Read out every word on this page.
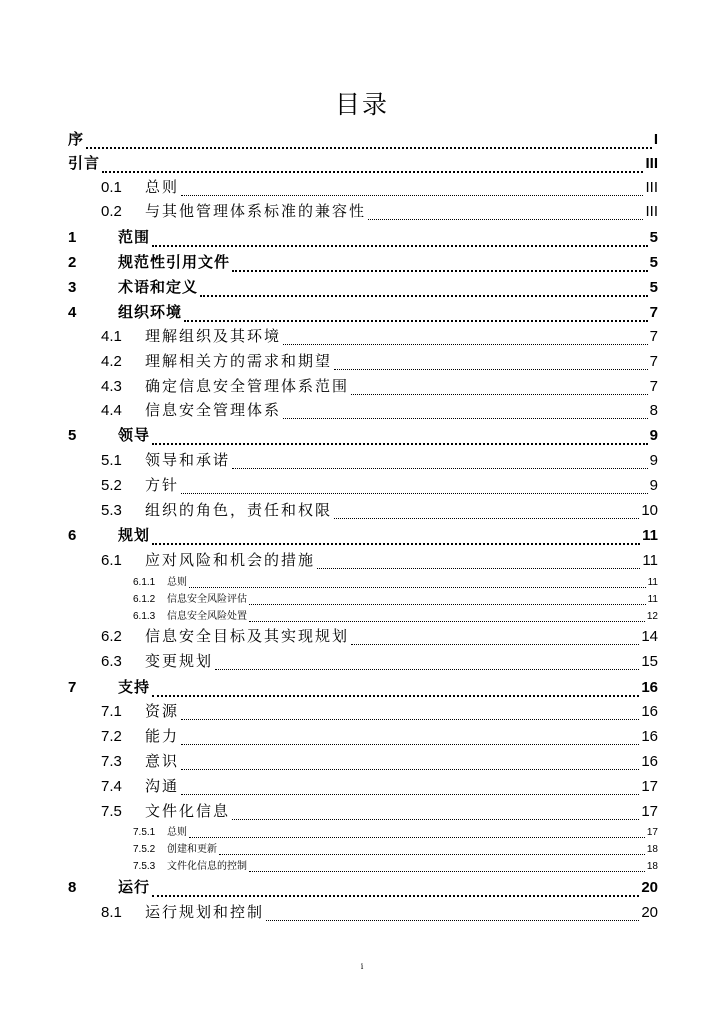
目录
序	I
引言	III
0.1	总则	III
0.2	与其他管理体系标准的兼容性	III
1	范围	5
2	规范性引用文件	5
3	术语和定义	5
4	组织环境	7
4.1	理解组织及其环境	7
4.2	理解相关方的需求和期望	7
4.3	确定信息安全管理体系范围	7
4.4	信息安全管理体系	8
5	领导	9
5.1	领导和承诺	9
5.2	方针	9
5.3	组织的角色，责任和权限	10
6	规划	11
6.1	应对风险和机会的措施	11
6.1.1	总则	11
6.1.2	信息安全风险评估	11
6.1.3	信息安全风险处置	12
6.2	信息安全目标及其实现规划	14
6.3	变更规划	15
7	支持	16
7.1	资源	16
7.2	能力	16
7.3	意识	16
7.4	沟通	17
7.5	文件化信息	17
7.5.1	总则	17
7.5.2	创建和更新	18
7.5.3	文件化信息的控制	18
8	运行	20
8.1	运行规划和控制	20
i
